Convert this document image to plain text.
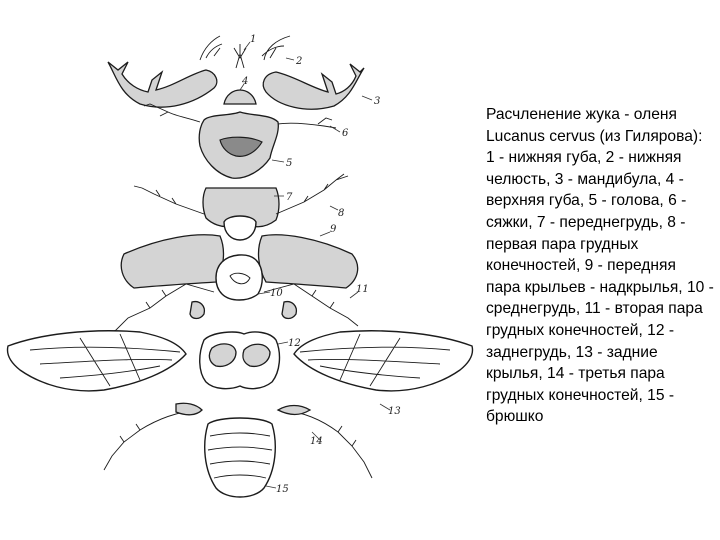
1
2
3
4
5
6
7
8
9
10	11
12
13
14
15

Расчленение жука - оленя Lucanus cervus (из Гилярова): 1 - нижняя губа, 2 - нижняя челюсть, 3 - мандибула, 4 - верхняя губа, 5 - голова, 6 - сяжки, 7 - переднегрудь, 8 - первая пара грудных конечностей, 9 - передняя пара крыльев - надкрылья, 10 - среднегрудь, 11 - вторая пара грудных конечностей, 12 - заднегрудь, 13 - задние крылья, 14 - третья пара грудных конечностей, 15 - брюшко
